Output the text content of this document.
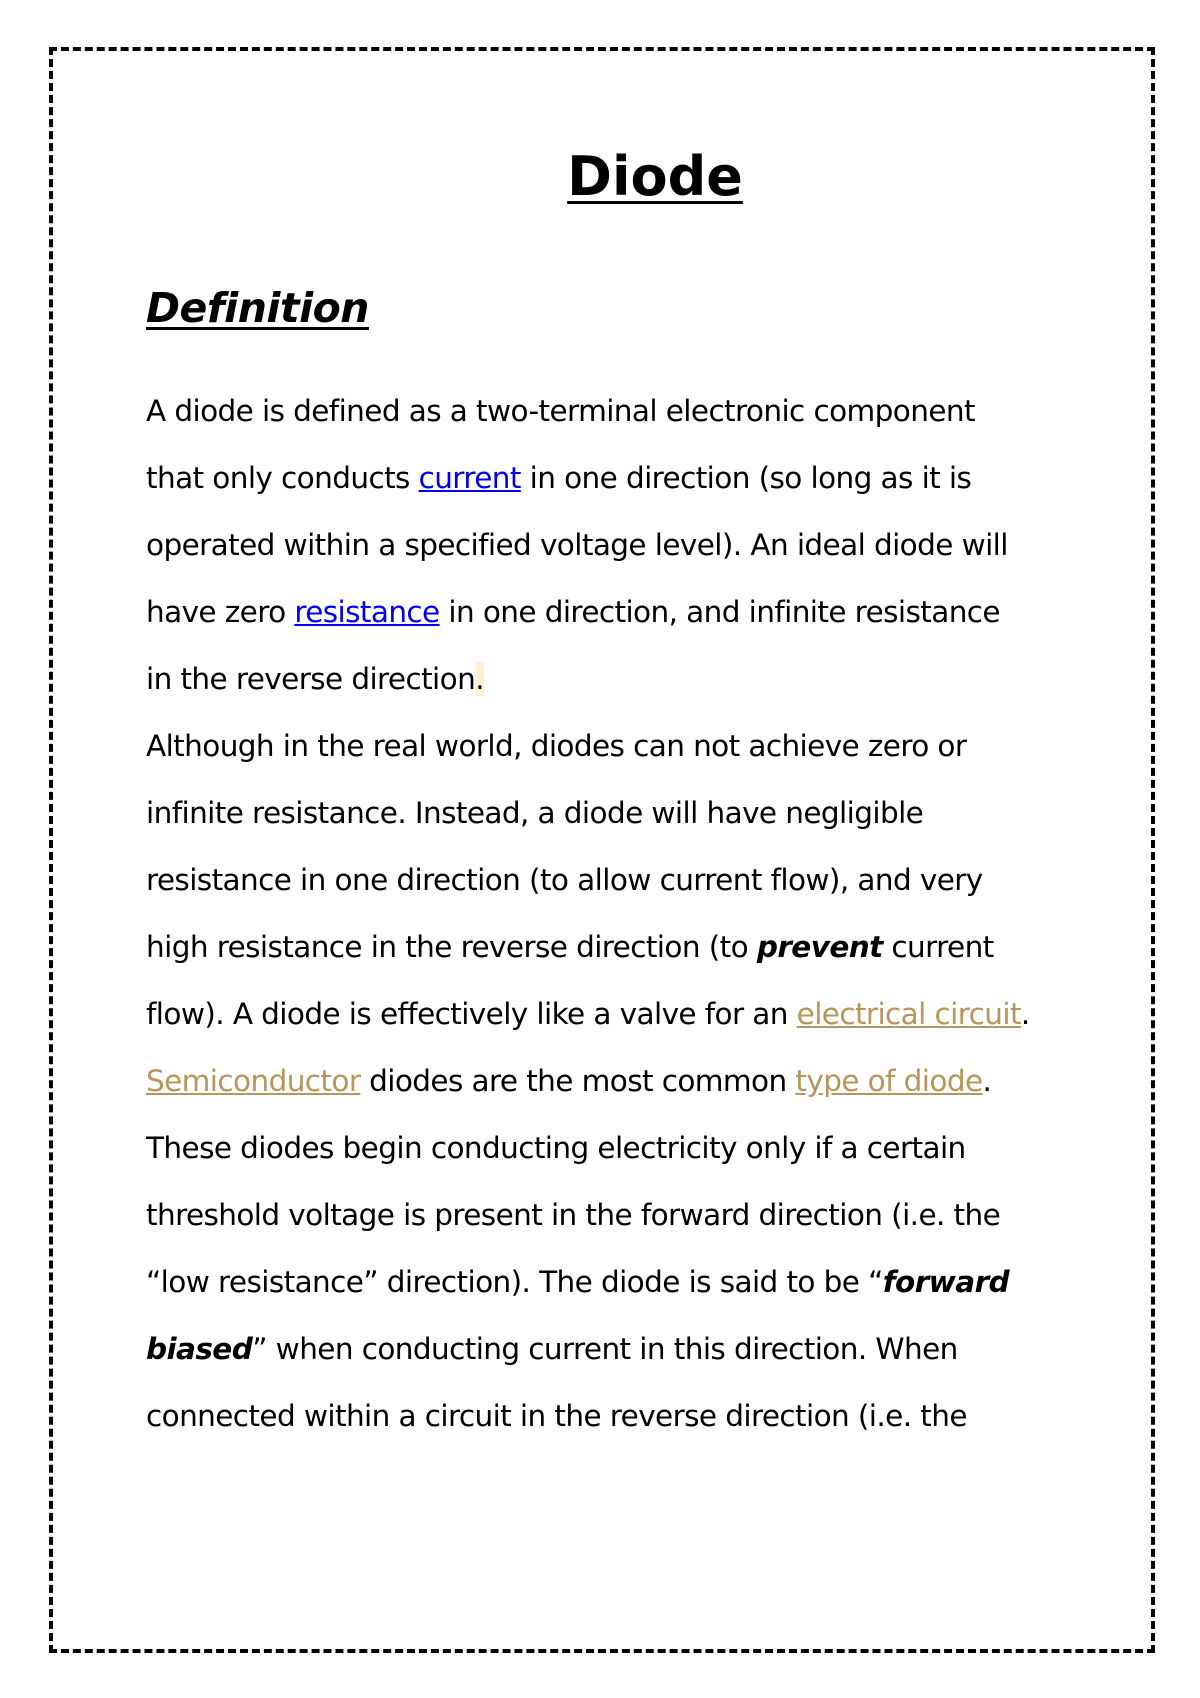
Diode
Definition
A diode is defined as a two-terminal electronic component
that only conducts current in one direction (so long as it is
operated within a specified voltage level). An ideal diode will
have zero resistance in one direction, and infinite resistance
in the reverse direction.
Although in the real world, diodes can not achieve zero or
infinite resistance. Instead, a diode will have negligible
resistance in one direction (to allow current flow), and very
high resistance in the reverse direction (to prevent current
flow). A diode is effectively like a valve for an electrical circuit.
Semiconductor diodes are the most common type of diode.
These diodes begin conducting electricity only if a certain
threshold voltage is present in the forward direction (i.e. the
“low resistance” direction). The diode is said to be “forward
biased” when conducting current in this direction. When
connected within a circuit in the reverse direction (i.e. the
